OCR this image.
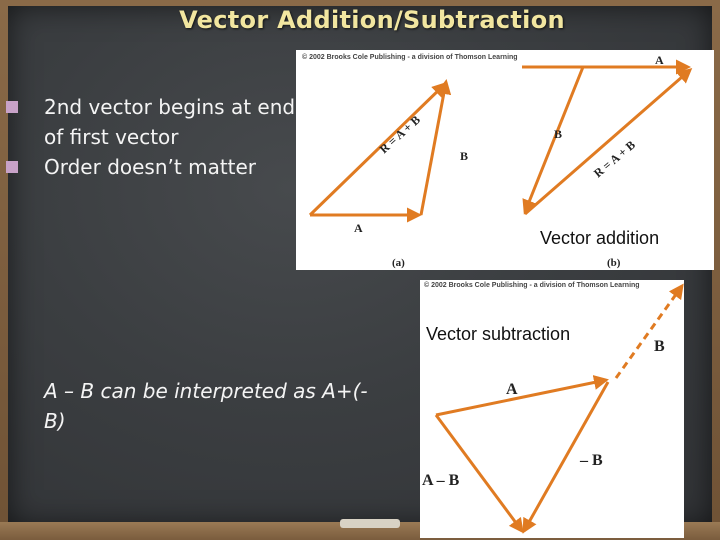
Vector Addition/Subtraction
2nd vector begins at end of first vector
Order doesn’t matter
© 2002 Brooks Cole Publishing - a division of Thomson Learning
R = A + B	B
A
(a)
A
B
R = A + B
(b)
Vector addition
© 2002 Brooks Cole Publishing - a division of Thomson Learning
Vector subtraction
A
B
– B
A – B
A – B can be interpreted as A+(-B)
